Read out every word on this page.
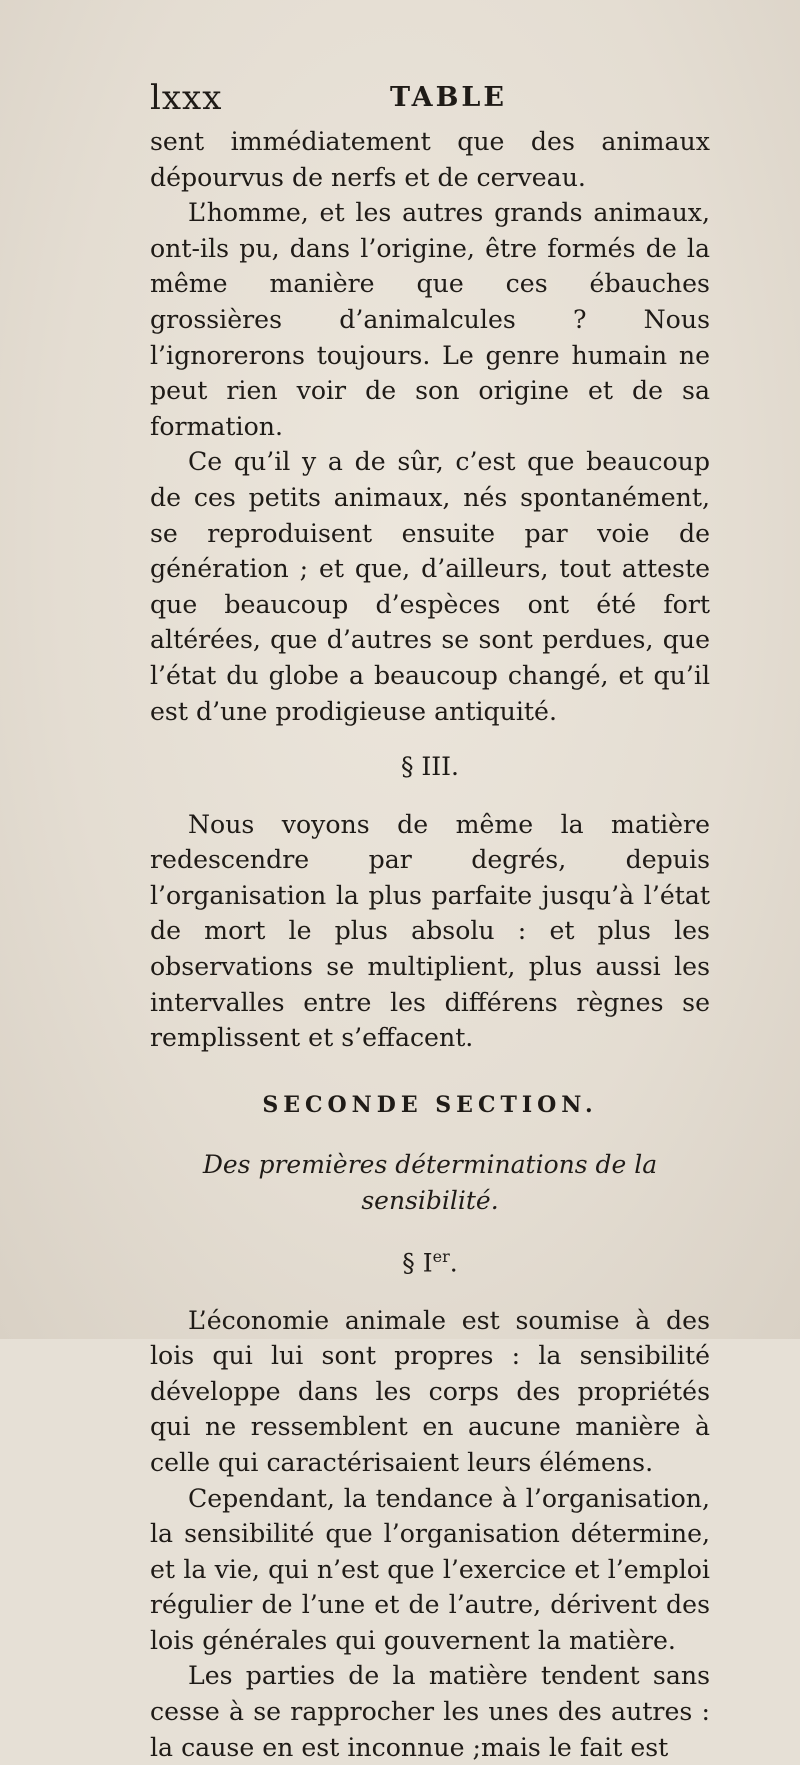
lxxx	TABLE

sent immédiatement que des animaux dépourvus de nerfs et de cerveau.

L’homme, et les autres grands animaux, ont-ils pu, dans l’origine, être formés de la même manière que ces ébauches grossières d’animalcules ? Nous l’ignorerons toujours. Le genre humain ne peut rien voir de son origine et de sa formation.

Ce qu’il y a de sûr, c’est que beaucoup de ces petits animaux, nés spontanément, se reproduisent ensuite par voie de génération ; et que, d’ailleurs, tout atteste que beaucoup d’espèces ont été fort altérées, que d’autres se sont perdues, que l’état du globe a beaucoup changé, et qu’il est d’une prodigieuse antiquité.

§ III.

Nous voyons de même la matière redescendre par degrés, depuis l’organisation la plus parfaite jusqu’à l’état de mort le plus absolu : et plus les observations se multiplient, plus aussi les intervalles entre les différens règnes se remplissent et s’effacent.

SECONDE SECTION.
Des premières déterminations de la sensibilité.
§ Ier.

L’économie animale est soumise à des lois qui lui sont propres : la sensibilité développe dans les corps des propriétés qui ne ressemblent en aucune manière à celle qui caractérisaient leurs élémens.

Cependant, la tendance à l’organisation, la sensibilité que l’organisation détermine, et la vie, qui n’est que l’exercice et l’emploi régulier de l’une et de l’autre, dérivent des lois générales qui gouvernent la matière.

Les parties de la matière tendent sans cesse à se rapprocher les unes des autres : la cause en est inconnue ;mais le fait est
